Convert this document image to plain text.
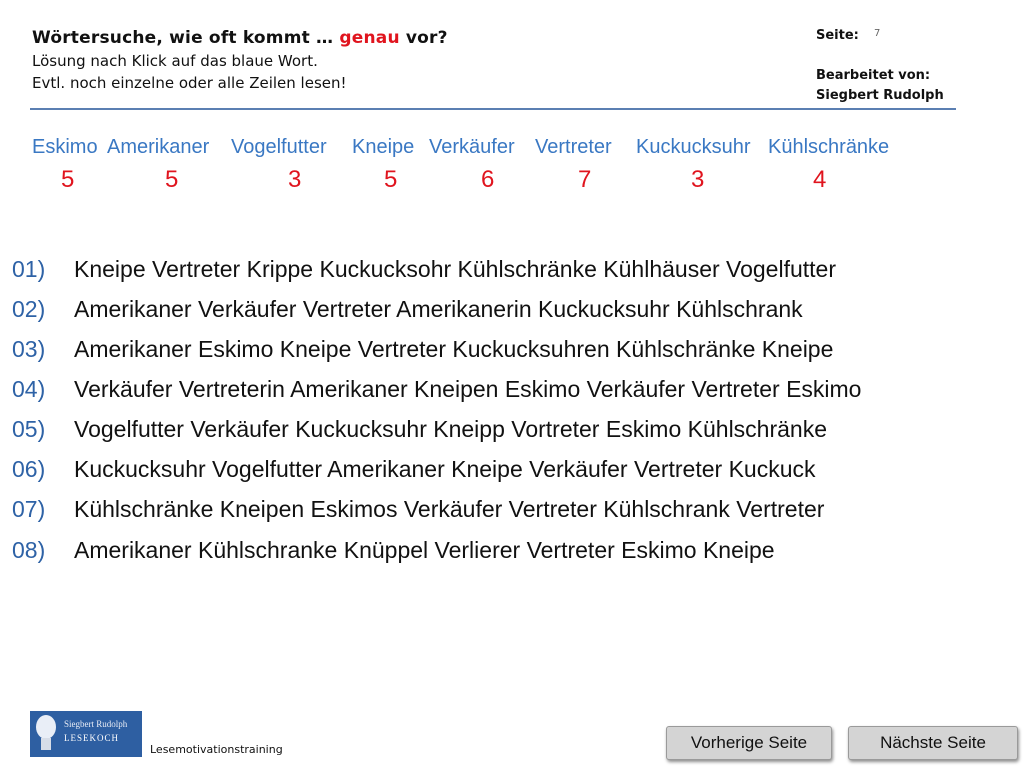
Wörtersuche, wie oft kommt … genau vor?
Lösung nach Klick auf das blaue Wort.
Evtl. noch einzelne oder alle Zeilen lesen!
Seite: 7
Bearbeitet von:
Siegbert Rudolph
Eskimo Amerikaner Vogelfutter Kneipe Verkäufer Vertreter Kuckucksuhr Kühlschränke
5	5	3	5	6	7	3	4
01) Kneipe Vertreter Krippe Kuckucksohr Kühlschränke Kühlhäuser Vogelfutter
02) Amerikaner Verkäufer Vertreter Amerikanerin Kuckucksuhr Kühlschrank
03) Amerikaner Eskimo Kneipe Vertreter Kuckucksuhren Kühlschränke Kneipe
04) Verkäufer Vertreterin Amerikaner Kneipen Eskimo Verkäufer Vertreter Eskimo
05) Vogelfutter Verkäufer Kuckucksuhr Kneipp Vortreter Eskimo Kühlschränke
06) Kuckucksuhr Vogelfutter Amerikaner Kneipe Verkäufer Vertreter Kuckuck
07) Kühlschränke Kneipen Eskimos Verkäufer Vertreter Kühlschrank Vertreter
08) Amerikaner Kühlschranke Knüppel Verlierer Vertreter Eskimo Kneipe
Siegbert Rudolph
LESEKOCH
Lesemotivationstraining	Vorherige Seite	Nächste Seite
